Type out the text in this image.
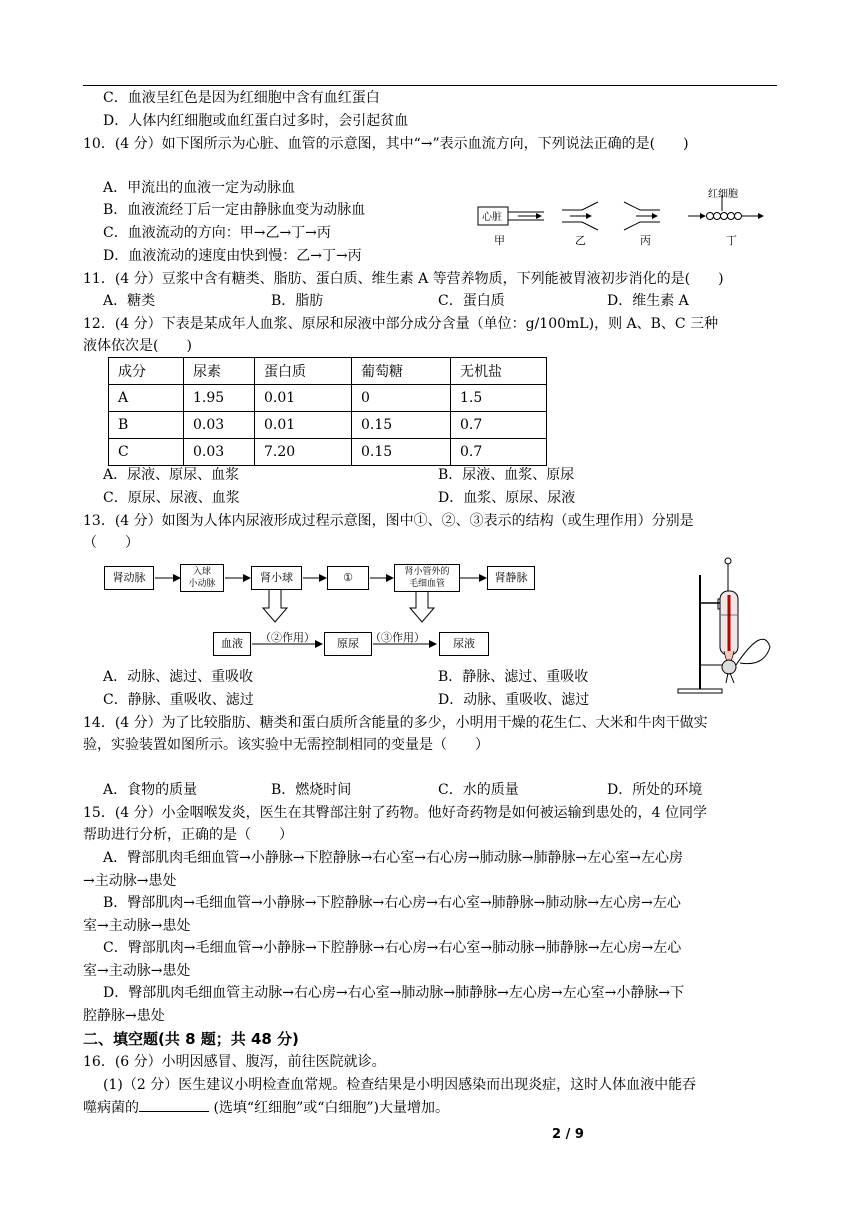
C．血液呈红色是因为红细胞中含有血红蛋白
D．人体内红细胞或血红蛋白过多时，会引起贫血
10．(4 分）如下图所示为心脏、血管的示意图，其中“→”表示血流方向，下列说法正确的是(　　)
A．甲流出的血液一定为动脉血
B．血液流经丁后一定由静脉血变为动脉血
C．血液流动的方向：甲→乙→丁→丙
D．血液流动的速度由快到慢：乙→丁→丙
心脏
红细胞
甲	乙	丙	丁
11．(4 分）豆浆中含有糖类、脂肪、蛋白质、维生素 A 等营养物质，下列能被胃液初步消化的是(　　)
A．糖类	B．脂肪	C．蛋白质	D．维生素 A
12．(4 分）下表是某成年人血浆、原尿和尿液中部分成分含量（单位：g/100mL)，则 A、B、C 三种
液体依次是(　　)
成分	尿素	蛋白质	葡萄糖	无机盐
A	1.95	0.01	0	1.5
B	0.03	0.01	0.15	0.7
C	0.03	7.20	0.15	0.7
A．尿液、原尿、血浆	B．尿液、血浆、原尿
C．原尿、尿液、血浆	D．血浆、原尿、尿液
13．(4 分）如图为人体内尿液形成过程示意图，图中①、②、③表示的结构（或生理作用）分别是
（　　）
肾动脉	入球
小动脉	肾小球	①	肾小管外的
毛细血管	肾静脉
血液	（②作用）	原尿	（③作用）	尿液
A．动脉、滤过、重吸收	B．静脉、滤过、重吸收
C．静脉、重吸收、滤过	D．动脉、重吸收、滤过
14．(4 分）为了比较脂肪、糖类和蛋白质所含能量的多少，小明用干燥的花生仁、大米和牛肉干做实
验，实验装置如图所示。该实验中无需控制相同的变量是（　　）
A．食物的质量	B．燃烧时间	C．水的质量	D．所处的环境
15．(4 分）小金咽喉发炎，医生在其臀部注射了药物。他好奇药物是如何被运输到患处的，4 位同学
帮助进行分析，正确的是（　　）
A．臀部肌肉毛细血管→小静脉→下腔静脉→右心室→右心房→肺动脉→肺静脉→左心室→左心房
→主动脉→患处
B．臀部肌肉→毛细血管→小静脉→下腔静脉→右心房→右心室→肺静脉→肺动脉→左心房→左心
室→主动脉→患处
C．臀部肌肉→毛细血管→小静脉→下腔静脉→右心房→右心室→肺动脉→肺静脉→左心房→左心
室→主动脉→患处
D．臀部肌肉毛细血管主动脉→右心房→右心室→肺动脉→肺静脉→左心房→左心室→小静脉→下
腔静脉→患处
二、填空题(共 8 题；共 48 分)
16．(6 分）小明因感冒、腹泻，前往医院就诊。
(1)（2 分）医生建议小明检查血常规。检查结果是小明因感染而出现炎症，这时人体血液中能吞
噬病菌的	(选填“红细胞”或“白细胞”)大量增加。
2 / 9
